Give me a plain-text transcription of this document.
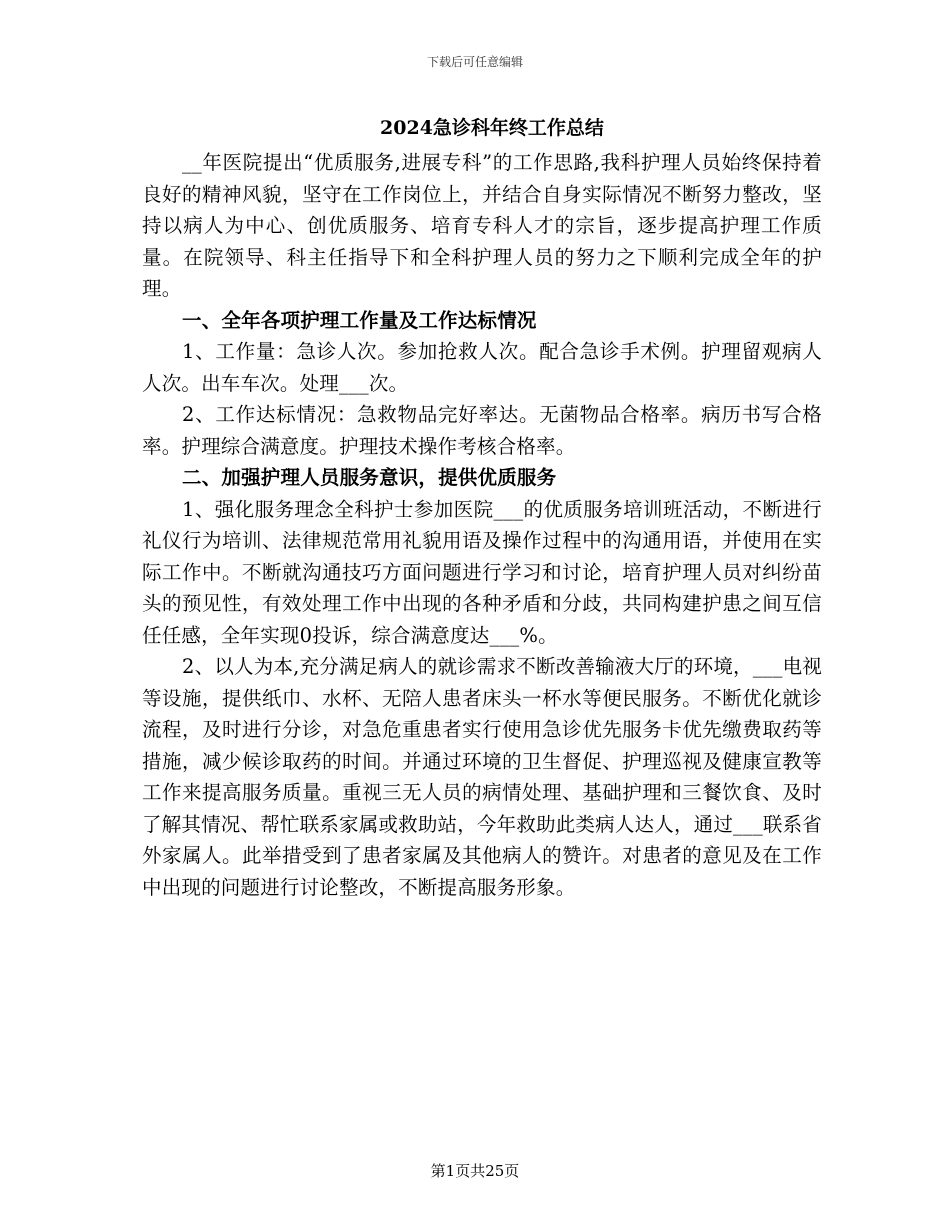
下载后可任意编辑
2024急诊科年终工作总结

__年医院提出“优质服务,进展专科”的工作思路,我科护理人员始终保持着良好的精神风貌，坚守在工作岗位上，并结合自身实际情况不断努力整改，坚持以病人为中心、创优质服务、培育专科人才的宗旨，逐步提高护理工作质量。在院领导、科主任指导下和全科护理人员的努力之下顺利完成全年的护理。

一、全年各项护理工作量及工作达标情况

1、工作量：急诊人次。参加抢救人次。配合急诊手术例。护理留观病人人次。出车车次。处理___次。

2、工作达标情况：急救物品完好率达。无菌物品合格率。病历书写合格率。护理综合满意度。护理技术操作考核合格率。

二、加强护理人员服务意识，提供优质服务

1、强化服务理念全科护士参加医院___的优质服务培训班活动，不断进行礼仪行为培训、法律规范常用礼貌用语及操作过程中的沟通用语，并使用在实际工作中。不断就沟通技巧方面问题进行学习和讨论，培育护理人员对纠纷苗头的预见性，有效处理工作中出现的各种矛盾和分歧，共同构建护患之间互信任任感，全年实现0投诉，综合满意度达___%。

2、以人为本,充分满足病人的就诊需求不断改善输液大厅的环境，___电视等设施，提供纸巾、水杯、无陪人患者床头一杯水等便民服务。不断优化就诊流程，及时进行分诊，对急危重患者实行使用急诊优先服务卡优先缴费取药等措施，减少候诊取药的时间。并通过环境的卫生督促、护理巡视及健康宣教等工作来提高服务质量。重视三无人员的病情处理、基础护理和三餐饮食、及时了解其情况、帮忙联系家属或救助站，今年救助此类病人达人，通过___联系省外家属人。此举措受到了患者家属及其他病人的赞许。对患者的意见及在工作中出现的问题进行讨论整改，不断提高服务形象。

第1页共25页
